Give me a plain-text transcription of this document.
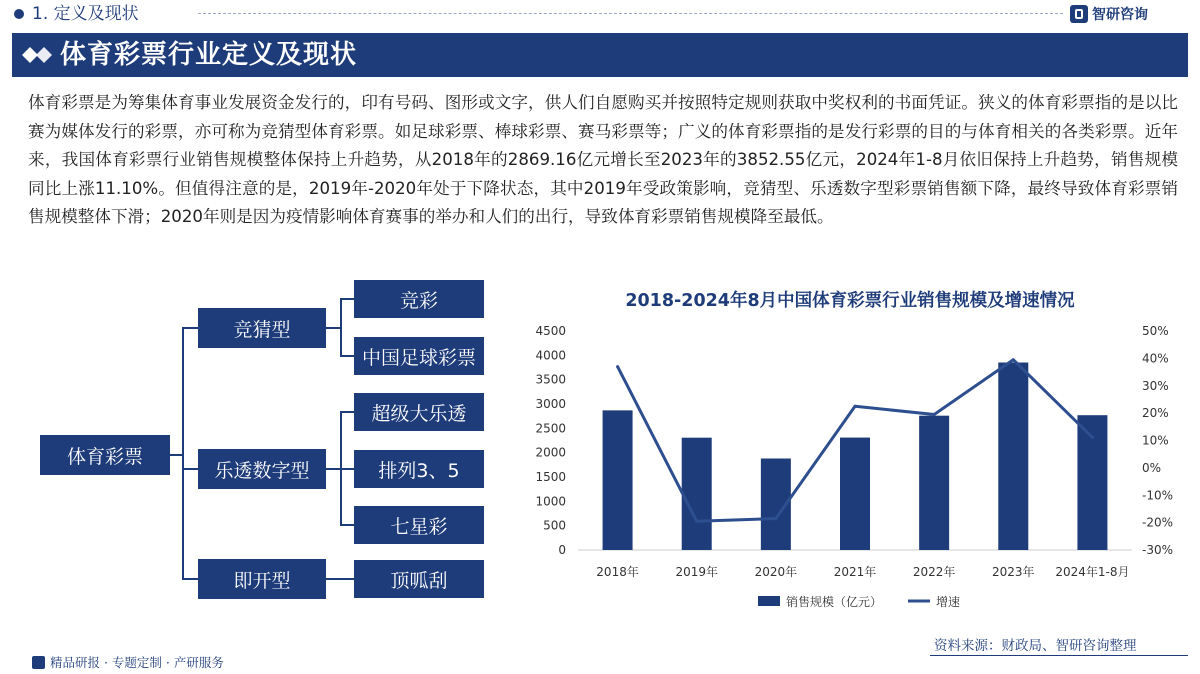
1. 定义及现状	智研咨询
体育彩票行业定义及现状
体育彩票是为筹集体育事业发展资金发行的，印有号码、图形或文字，供人们自愿购买并按照特定规则获取中奖权利的书面凭证。狭义的体育彩票指的是以比赛为媒体发行的彩票，亦可称为竞猜型体育彩票。如足球彩票、棒球彩票、赛马彩票等；广义的体育彩票指的是发行彩票的目的与体育相关的各类彩票。近年来，我国体育彩票行业销售规模整体保持上升趋势，从2018年的2869.16亿元增长至2023年的3852.55亿元，2024年1-8月依旧保持上升趋势，销售规模同比上涨11.10%。但值得注意的是，2019年-2020年处于下降状态，其中2019年受政策影响，竞猜型、乐透数字型彩票销售额下降，最终导致体育彩票销售规模整体下滑；2020年则是因为疫情影响体育赛事的举办和人们的出行，导致体育彩票销售规模降至最低。
体育彩票
竞猜型
乐透数字型
即开型
竞彩
中国足球彩票
超级大乐透
排列3、5
七星彩
顶呱刮
2018-2024年8月中国体育彩票行业销售规模及增速情况
0
500
1000
1500
2000
2500
3000
3500
4000
4500
-30%
-20%
-10%
0%
10%
20%
30%
40%
50%
2018年	2019年	2020年	2021年	2022年	2023年 2024年1-8月
销售规模（亿元）	增速
资料来源：财政局、智研咨询整理
精品研报 · 专题定制 · 产研服务
